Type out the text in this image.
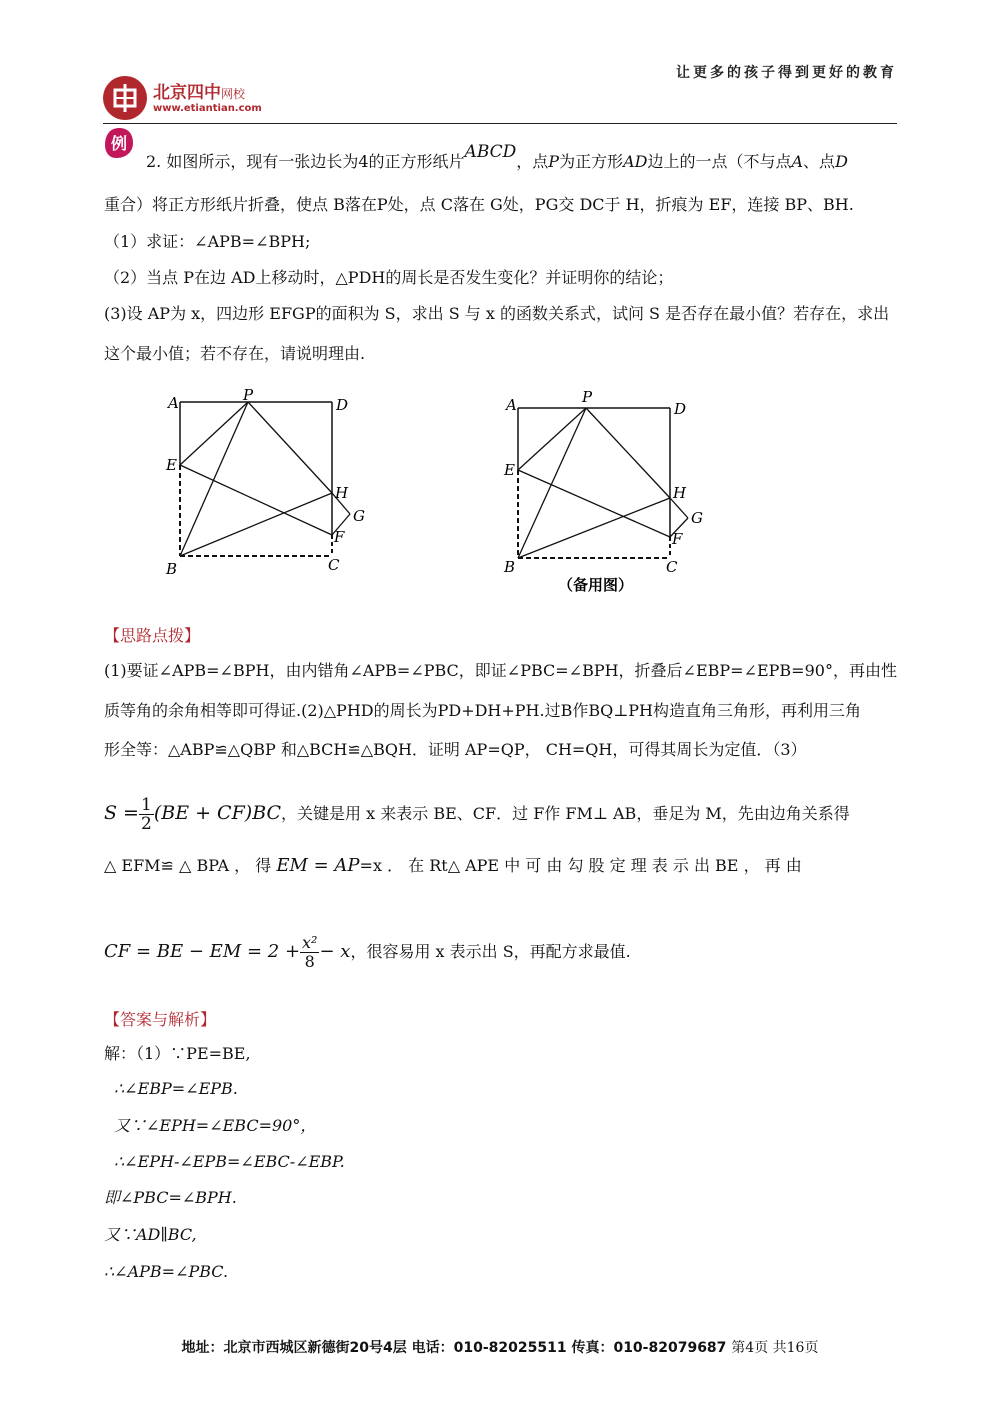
让更多的孩子得到更好的教育
北京四中网校
www.etiantian.com
例
2. 如图所示，现有一张边长为4的正方形纸片ABCD，点P为正方形AD边上的一点（不与点A、点D
重合）将正方形纸片折叠，使点 B落在P处，点 C落在 G处，PG交 DC于 H，折痕为 EF，连接 BP、BH.
（1）求证：∠APB=∠BPH;
（2）当点 P在边 AD上移动时，△PDH的周长是否发生变化？并证明你的结论；
(3)设 AP为 x，四边形 EFGP的面积为 S，求出 S 与 x 的函数关系式，试问 S 是否存在最小值？若存在，求出
这个最小值；若不存在，请说明理由.
A	P
D
E
H
G
F
B	C
A	P
D
E
H
G
F
B	C
（备用图）
【思路点拨】
(1)要证∠APB=∠BPH，由内错角∠APB=∠PBC，即证∠PBC=∠BPH，折叠后∠EBP=∠EPB=90°，再由性
质等角的余角相等即可得证.(2)△PHD的周长为PD+DH+PH.过B作BQ⊥PH构造直角三角形，再利用三角
形全等：△ABP≌△QBP 和△BCH≌△BQH．证明 AP=QP， CH=QH，可得其周长为定值．（3）
$S = \frac{1}{2} (BE + CF)BC$，关键是用 x 来表示 BE、CF．过 F作 FM⊥ AB，垂足为 M，先由边角关系得
△ EFM≌ △ BPA ， 得 EM = AP=x ． 在 Rt△ APE 中 可 由 勾 股 定 理 表 示 出 BE ， 再 由
CF = BE − EM = $2 + \frac{\text{x²}}{8} - x$，很容易用 x 表示出 S，再配方求最值.
【答案与解析】
解：（1）∵PE=BE,
∴∠EBP=∠EPB.
又∵∠EPH=∠EBC=90°，
∴∠EPH-∠EPB=∠EBC-∠EBP.
即∠PBC=∠BPH.
又∵AD∥BC,
∴∠APB=∠PBC.
地址：北京市西城区新德街20号4层 电话：010-82025511 传真：010-82079687 第4页 共16页
